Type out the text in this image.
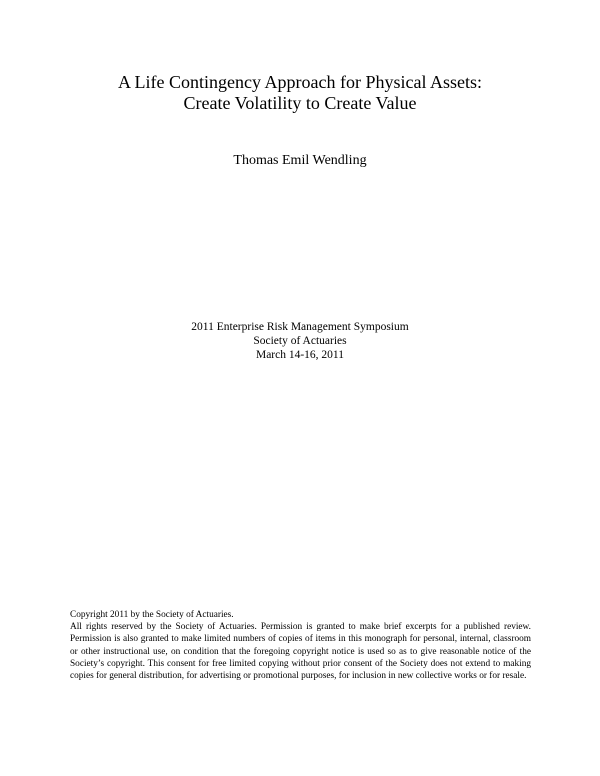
A Life Contingency Approach for Physical Assets:
Create Volatility to Create Value
Thomas Emil Wendling
2011 Enterprise Risk Management Symposium
Society of Actuaries
March 14-16, 2011
Copyright 2011 by the Society of Actuaries.
All rights reserved by the Society of Actuaries. Permission is granted to make brief excerpts for a published review. Permission is also granted to make limited numbers of copies of items in this monograph for personal, internal, classroom or other instructional use, on condition that the foregoing copyright notice is used so as to give reasonable notice of the Society’s copyright. This consent for free limited copying without prior consent of the Society does not extend to making copies for general distribution, for advertising or promotional purposes, for inclusion in new collective works or for resale.
